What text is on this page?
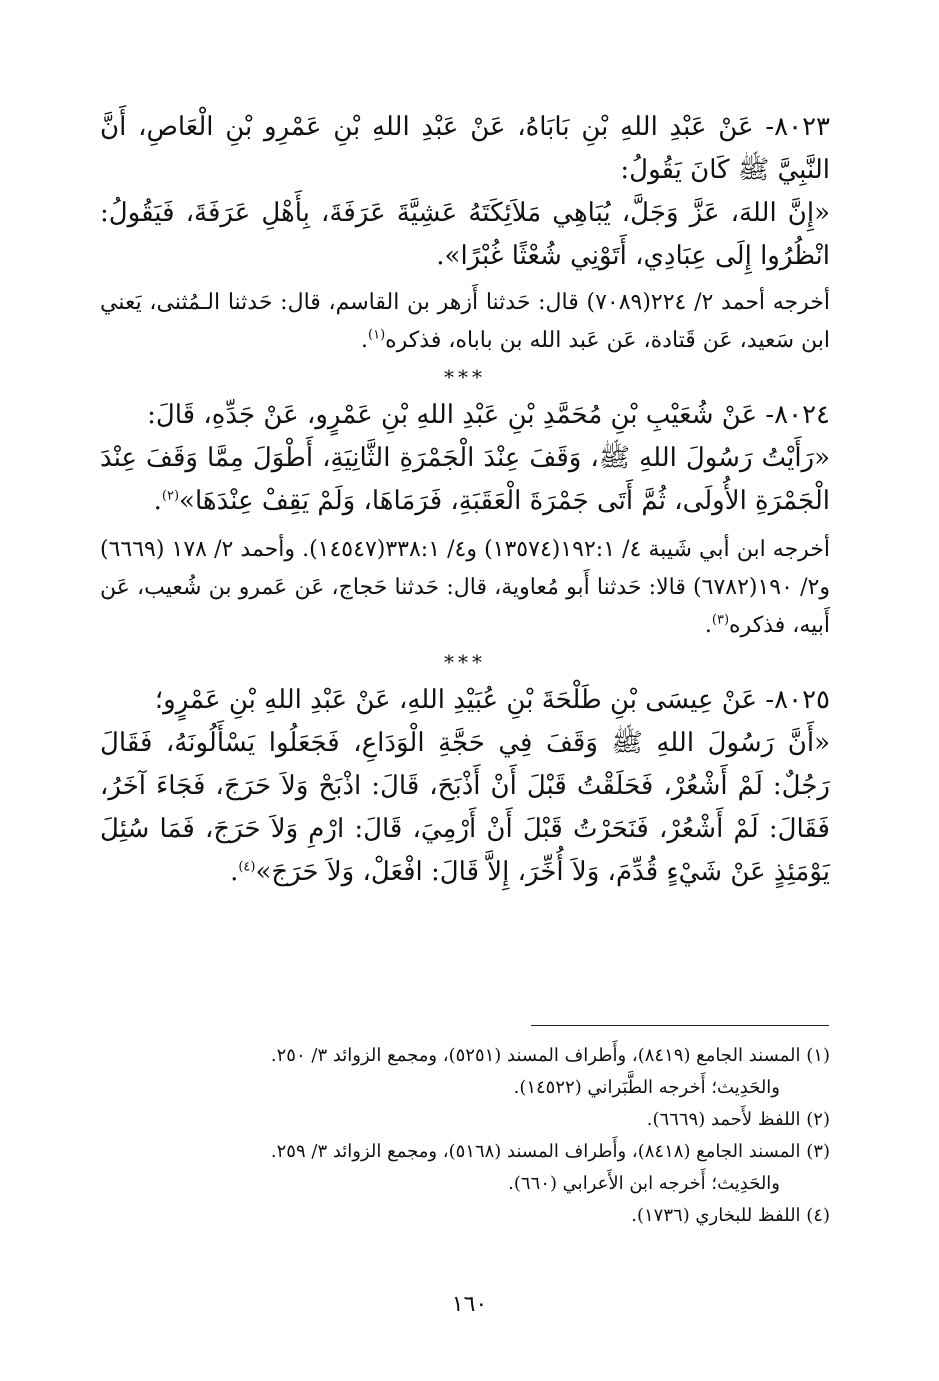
٨٠٢٣- عَنْ عَبْدِ اللهِ بْنِ بَابَاهُ، عَنْ عَبْدِ اللهِ بْنِ عَمْرِو بْنِ الْعَاصِ، أَنَّ النَّبِيَّ ﷺ كَانَ يَقُولُ:

«إِنَّ اللهَ، عَزَّ وَجَلَّ، يُبَاهِي مَلاَئِكَتَهُ عَشِيَّةَ عَرَفَةَ، بِأَهْلِ عَرَفَةَ، فَيَقُولُ: انْظُرُوا إِلَى عِبَادِي، أَتَوْنِي شُعْثًا غُبْرًا».

أخرجه أحمد ٢/ ٢٢٤(٧٠٨٩) قال: حَدثنا أَزهر بن القاسم، قال: حَدثنا الـمُثنى، يَعني ابن سَعيد، عَن قَتادة، عَن عَبد الله بن باباه، فذكره$^{(١)}$.

***

٨٠٢٤- عَنْ شُعَيْبِ بْنِ مُحَمَّدِ بْنِ عَبْدِ اللهِ بْنِ عَمْرٍو، عَنْ جَدِّهِ، قَالَ:

«رَأَيْتُ رَسُولَ اللهِ ﷺ، وَقَفَ عِنْدَ الْجَمْرَةِ الثَّانِيَةِ، أَطْوَلَ مِمَّا وَقَفَ عِنْدَ الْجَمْرَةِ الأُولَى، ثُمَّ أَتَى جَمْرَةَ الْعَقَبَةِ، فَرَمَاهَا، وَلَمْ يَقِفْ عِنْدَهَا»$^{(٢)}$.

أخرجه ابن أبي شَيبة ٤/ ١٩٢:١(١٣٥٧٤) و٤/ ٣٣٨:١(١٤٥٤٧). وأحمد ٢/ ١٧٨ (٦٦٦٩) و٢/ ١٩٠(٦٧٨٢) قالا: حَدثنا أَبو مُعاوية، قال: حَدثنا حَجاج، عَن عَمرو بن شُعيب، عَن أَبيه، فذكره$^{(٣)}$.

***

٨٠٢٥- عَنْ عِيسَى بْنِ طَلْحَةَ بْنِ عُبَيْدِ اللهِ، عَنْ عَبْدِ اللهِ بْنِ عَمْرٍو؛

«أَنَّ رَسُولَ اللهِ ﷺ وَقَفَ فِي حَجَّةِ الْوَدَاعِ، فَجَعَلُوا يَسْأَلُونَهُ، فَقَالَ رَجُلٌ: لَمْ أَشْعُرْ، فَحَلَقْتُ قَبْلَ أَنْ أَذْبَحَ، قَالَ: اذْبَحْ وَلاَ حَرَجَ، فَجَاءَ آخَرُ، فَقَالَ: لَمْ أَشْعُرْ، فَنَحَرْتُ قَبْلَ أَنْ أَرْمِيَ، قَالَ: ارْمِ وَلاَ حَرَجَ، فَمَا سُئِلَ يَوْمَئِذٍ عَنْ شَيْءٍ قُدِّمَ، وَلاَ أُخِّرَ، إِلاَّ قَالَ: افْعَلْ، وَلاَ حَرَجَ»$^{(٤)}$.

(١) المسند الجامع (٨٤١٩)، وأَطراف المسند (٥٢٥١)، ومجمع الزوائد ٣/ ٢٥٠.

والحَدِيث؛ أَخرجه الطَّبَراني (١٤٥٢٢).

(٢) اللفظ لأَحمد (٦٦٦٩).

(٣) المسند الجامع (٨٤١٨)، وأَطراف المسند (٥١٦٨)، ومجمع الزوائد ٣/ ٢٥٩.

والحَدِيث؛ أَخرجه ابن الأَعرابي (٦٦٠).

(٤) اللفظ للبخاري (١٧٣٦).

١٦٠
